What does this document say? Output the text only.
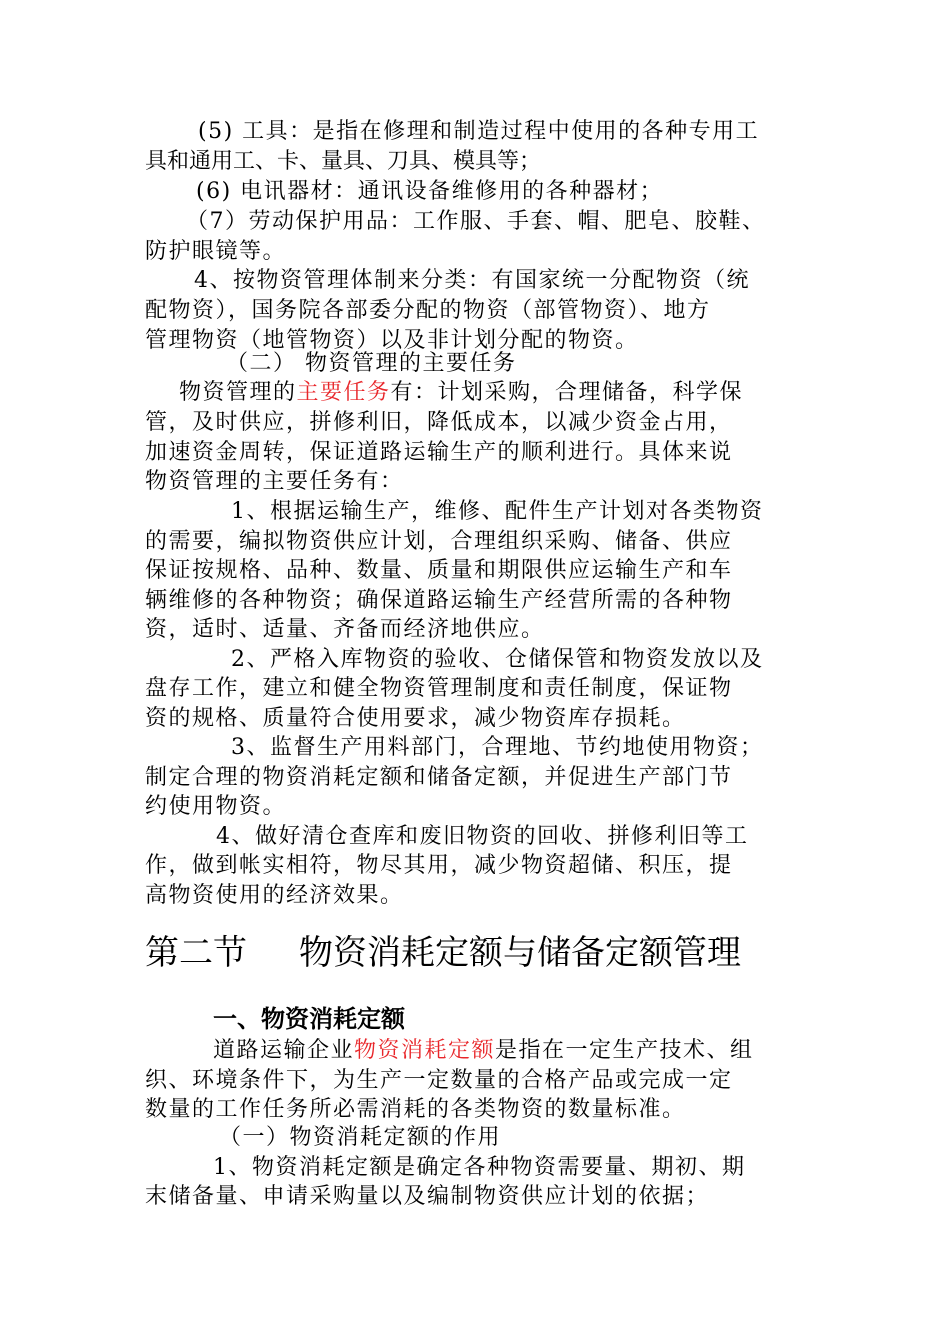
(5) 工具：是指在修理和制造过程中使用的各种专用工
具和通用工、卡、量具、刀具、模具等；
(6) 电讯器材：通讯设备维修用的各种器材；
（7）劳动保护用品：工作服、手套、帽、肥皂、胶鞋、
防护眼镜等。
4、按物资管理体制来分类：有国家统一分配物资（统
配物资），国务院各部委分配的物资（部管物资）、地方
管理物资（地管物资）以及非计划分配的物资。
（二） 物资管理的主要任务
物资管理的主要任务有：计划采购，合理储备，科学保
管，及时供应，拼修利旧，降低成本，以减少资金占用，
加速资金周转，保证道路运输生产的顺利进行。具体来说
物资管理的主要任务有：
1、根据运输生产，维修、配件生产计划对各类物资
的需要，编拟物资供应计划，合理组织采购、储备、供应
保证按规格、品种、数量、质量和期限供应运输生产和车
辆维修的各种物资；确保道路运输生产经营所需的各种物
资，适时、适量、齐备而经济地供应。
2、严格入库物资的验收、仓储保管和物资发放以及
盘存工作，建立和健全物资管理制度和责任制度，保证物
资的规格、质量符合使用要求，减少物资库存损耗。
3、监督生产用料部门，合理地、节约地使用物资；
制定合理的物资消耗定额和储备定额，并促进生产部门节
约使用物资。
4、做好清仓查库和废旧物资的回收、拼修利旧等工
作，做到帐实相符，物尽其用，减少物资超储、积压，提
高物资使用的经济效果。
第二节 物资消耗定额与储备定额管理
一、物资消耗定额
道路运输企业物资消耗定额是指在一定生产技术、组
织、环境条件下，为生产一定数量的合格产品或完成一定
数量的工作任务所必需消耗的各类物资的数量标准。
（一）物资消耗定额的作用
1、物资消耗定额是确定各种物资需要量、期初、期
末储备量、申请采购量以及编制物资供应计划的依据；
